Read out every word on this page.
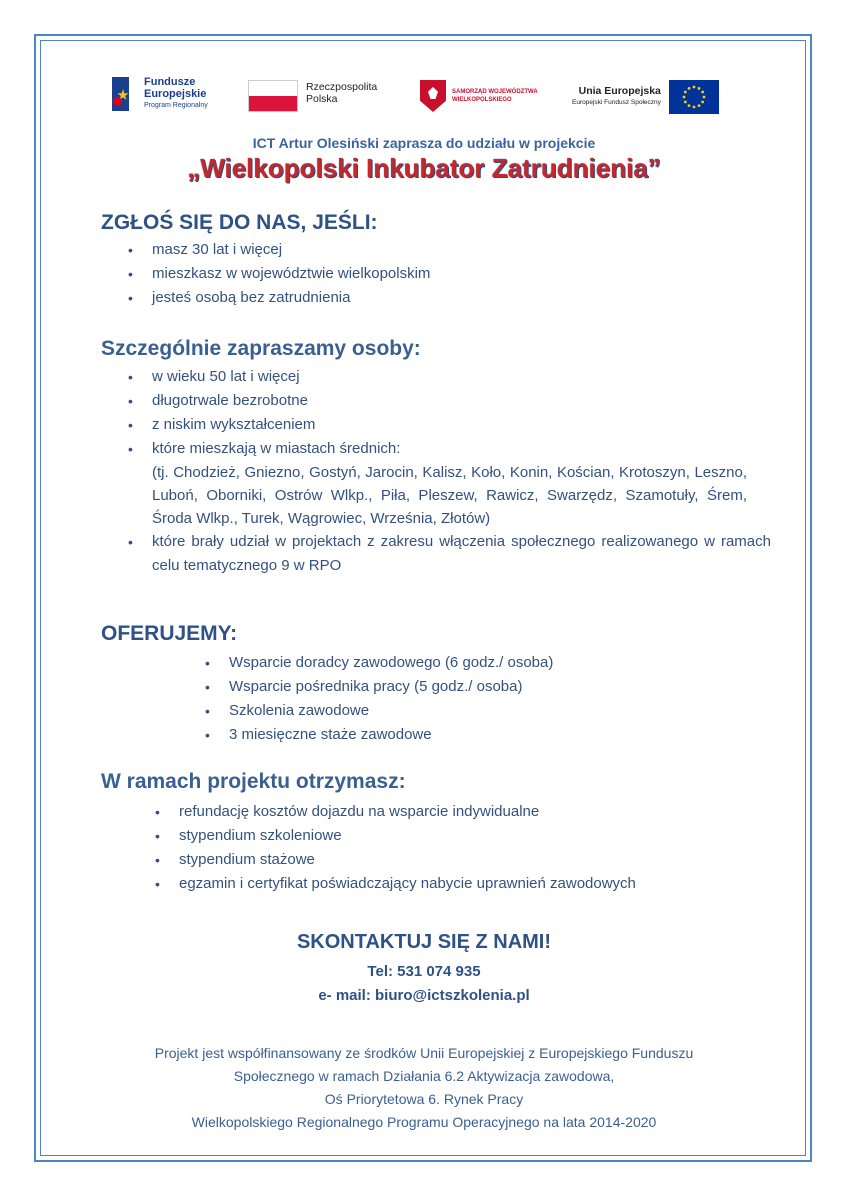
Fundusze
Europejskie
Program Regionalny
Rzeczpospolita
Polska
SAMORZĄD WOJEWÓDZTWA
WIELKOPOLSKIEGO
Unia Europejska
Europejski Fundusz Społeczny

ICT Artur Olesiński zaprasza do udziału w projekcie

„Wielkopolski Inkubator Zatrudnienia”

ZGŁOŚ SIĘ DO NAS, JEŚLI:

• masz 30 lat i więcej
• mieszkasz w województwie wielkopolskim
• jesteś osobą bez zatrudnienia

Szczególnie zapraszamy osoby:

• w wieku 50 lat i więcej
• długotrwale bezrobotne
• z niskim wykształceniem
• które mieszkają w miastach średnich:
(tj. Chodzież, Gniezno, Gostyń, Jarocin, Kalisz, Koło, Konin, Kościan, Krotoszyn, Leszno, Luboń, Oborniki, Ostrów Wlkp., Piła, Pleszew, Rawicz, Swarzędz, Szamotuły, Śrem, Środa Wlkp., Turek, Wągrowiec, Września, Złotów)
• które brały udział w projektach z zakresu włączenia społecznego realizowanego w ramach celu tematycznego 9 w RPO

OFERUJEMY:

• Wsparcie doradcy zawodowego (6 godz./ osoba)
• Wsparcie pośrednika pracy (5 godz./ osoba)
• Szkolenia zawodowe
• 3 miesięczne staże zawodowe

W ramach projektu otrzymasz:

• refundację kosztów dojazdu na wsparcie indywidualne
• stypendium szkoleniowe
• stypendium stażowe
• egzamin i certyfikat poświadczający nabycie uprawnień zawodowych

SKONTAKTUJ SIĘ Z NAMI!

Tel: 531 074 935

e- mail: biuro@ictszkolenia.pl

Projekt jest współfinansowany ze środków Unii Europejskiej z Europejskiego Funduszu
Społecznego w ramach Działania 6.2 Aktywizacja zawodowa,
Oś Priorytetowa 6. Rynek Pracy
Wielkopolskiego Regionalnego Programu Operacyjnego na lata 2014-2020
